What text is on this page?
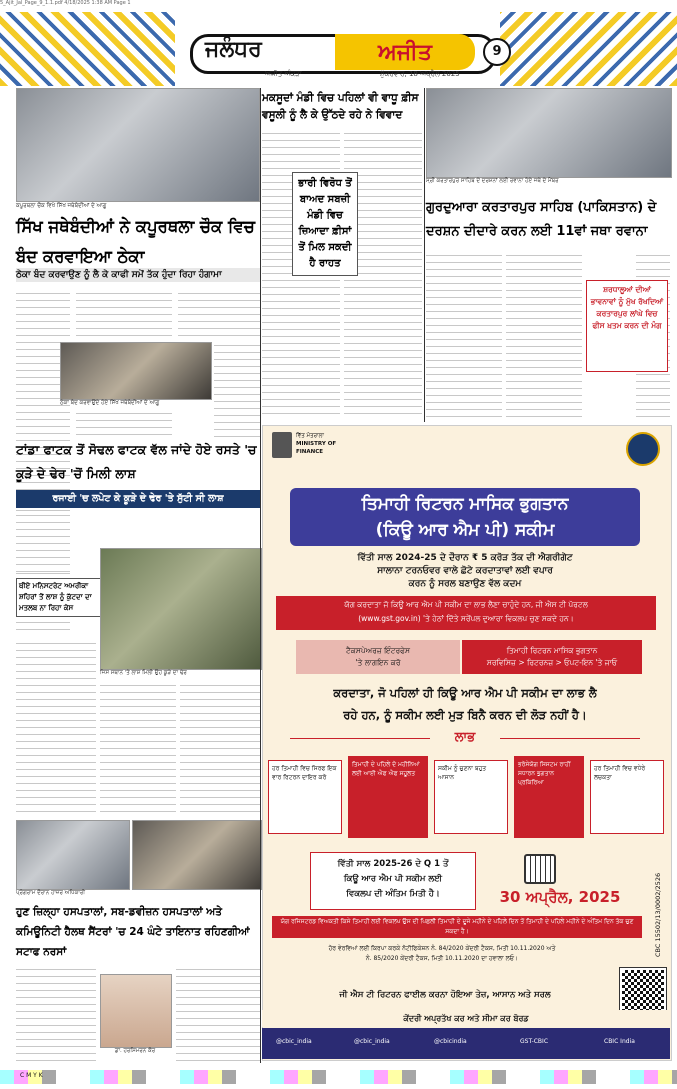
5_Ajit_Jal_Page_9_1.1.pdf 4/18/2025 1:38 AM Page 1
ਜਲੰਧਰ	ਅਜੀਤ	9
ਅਜੀਤ ਅੰਕੜਾ	ਸ਼ੁੱਕਰਵਾਰ, 18 ਅਪ੍ਰੈਲ 2025
ਕਪੂਰਥਲਾ ਚੌਕ ਵਿਖੇ ਸਿੱਖ ਜਥੇਬੰਦੀਆਂ ਦੇ ਆਗੂ
ਸਿੱਖ ਜਥੇਬੰਦੀਆਂ ਨੇ ਕਪੂਰਥਲਾ ਚੌਕ ਵਿਚ ਬੰਦ ਕਰਵਾਇਆ ਠੇਕਾ
ਠੇਕਾ ਬੰਦ ਕਰਵਾਉਣ ਨੂੰ ਲੈ ਕੇ ਕਾਫੀ ਸਮੇਂ ਤੱਕ ਹੁੰਦਾ ਰਿਹਾ ਹੰਗਾਮਾ
ਠੇਕਾ ਬੰਦ ਕਰਵਾਉਂਦੇ ਹੋਏ ਸਿੱਖ ਜਥੇਬੰਦੀਆਂ ਦੇ ਆਗੂ
ਮਕਸੂਦਾਂ ਮੰਡੀ ਵਿਚ ਪਹਿਲਾਂ ਵੀ ਵਾਧੂ ਫ਼ੀਸ ਵਸੂਲੀ ਨੂੰ ਲੈ ਕੇ ਉੱਠਦੇ ਰਹੇ ਨੇ ਵਿਵਾਦ
ਭਾਰੀ ਵਿਰੋਧ ਤੋਂ ਬਾਅਦ ਸਬਜ਼ੀ ਮੰਡੀ ਵਿਚ ਜ਼ਿਆਦਾ ਫ਼ੀਸਾਂ ਤੋਂ ਮਿਲ ਸਕਦੀ ਹੈ ਰਾਹਤ
ਸ੍ਰੀ ਕਰਤਾਰਪੁਰ ਸਾਹਿਬ ਦੇ ਦਰਸ਼ਨਾਂ ਲਈ ਰਵਾਨਾ ਹੋਏ ਜਥੇ ਦੇ ਮੈਂਬਰ
ਗੁਰਦੁਆਰਾ ਕਰਤਾਰਪੁਰ ਸਾਹਿਬ (ਪਾਕਿਸਤਾਨ) ਦੇ ਦਰਸ਼ਨ ਦੀਦਾਰੇ ਕਰਨ ਲਈ 11ਵਾਂ ਜਥਾ ਰਵਾਨਾ
ਸ਼ਰਧਾਲੂਆਂ ਦੀਆਂ ਭਾਵਨਾਵਾਂ ਨੂੰ ਮੁੱਖ ਰੱਖਦਿਆਂ ਕਰਤਾਰਪੁਰ ਲਾਂਘੇ ਵਿਚ ਫੀਸ ਖ਼ਤਮ ਕਰਨ ਦੀ ਮੰਗ
ਟਾਂਡਾ ਫਾਟਕ ਤੋਂ ਸੋਢਲ ਫਾਟਕ ਵੱਲ ਜਾਂਦੇ ਹੋਏ ਰਸਤੇ 'ਚ ਕੂੜੇ ਦੇ ਢੇਰ 'ਚੋਂ ਮਿਲੀ ਲਾਸ਼
ਰਜਾਈ 'ਚ ਲਪੇਟ ਕੇ ਕੂੜੇ ਦੇ ਢੇਰ 'ਤੇ ਸੁੱਟੀ ਸੀ ਲਾਸ਼
ਥੀਏ ਮਨਿਸਟਰੇਟ ਅਮਰੀਕਾ ਸ਼ਹਿਰਾਂ ਤੋਂ ਲਾਸ਼ ਨੂੰ ਕੁੱਟਦਾ ਦਾ ਮਤਲਬ ਨਾ ਰਿਹਾ ਕੇਸ
ਜਿਸ ਸਥਾਨ 'ਤੇ ਲਾਸ਼ ਮਿਲੀ ਉਹ ਕੂੜੇ ਦਾ ਢੇਰ
ਪ੍ਰੋਗਰਾਮ ਦੌਰਾਨ ਹਾਜ਼ਰ ਅਧਿਕਾਰੀ
ਹੁਣ ਜ਼ਿਲ੍ਹਾ ਹਸਪਤਾਲਾਂ, ਸਬ-ਡਵੀਜ਼ਨ ਹਸਪਤਾਲਾਂ ਅਤੇ ਕਮਿਊਨਿਟੀ ਹੈਲਥ ਸੈਂਟਰਾਂ 'ਚ 24 ਘੰਟੇ ਤਾਇਨਾਤ ਰਹਿਣਗੀਆਂ ਸਟਾਫ ਨਰਸਾਂ
ਡਾ. ਹਰਸਿਮਰਨ ਕੌਰ
ਵਿੱਤ ਮੰਤਰਾਲਾ
MINISTRY OF
FINANCE
ਤਿਮਾਹੀ ਰਿਟਰਨ ਮਾਸਿਕ ਭੁਗਤਾਨ
(ਕਿਊ ਆਰ ਐਮ ਪੀ) ਸਕੀਮ
ਵਿੱਤੀ ਸਾਲ 2024-25 ਦੇ ਦੌਰਾਨ ₹ 5 ਕਰੋੜ ਤੱਕ ਦੀ ਐਗਰੀਗੇਟ
ਸਾਲਾਨਾ ਟਰਨਓਵਰ ਵਾਲੇ ਛੋਟੇ ਕਰਦਾਤਾਵਾਂ ਲਈ ਵਪਾਰ
ਕਰਨ ਨੂੰ ਸਰਲ ਬਣਾਉਣ ਵੱਲ ਕਦਮ
ਯੋਗ ਕਰਦਾਤਾ ਜੋ ਕਿਊ ਆਰ ਐਮ ਪੀ ਸਕੀਮ ਦਾ ਲਾਭ ਲੈਣਾ ਚਾਹੁੰਦੇ ਹਨ, ਜੀ ਐਸ ਟੀ ਪੋਰਟਲ
(www.gst.gov.in) 'ਤੇ ਹੇਠਾਂ ਦਿੱਤੇ ਸਰੇਂਪਲ ਦੁਆਰਾ ਵਿਕਲਪ ਚੁਣ ਸਕਦੇ ਹਨ।
ਟੈਕਸਪੇਅਰਜ਼ ਇੰਟਰਫੇਸ
'ਤੇ ਲਾਗਇਨ ਕਰੋ
ਤਿਮਾਹੀ ਰਿਟਰਨ ਮਾਸਿਕ ਭੁਗਤਾਨ
ਸਰਵਿਸਿਜ਼ > ਰਿਟਰਨਜ਼ > ਓਪਟ-ਇਨ 'ਤੇ ਜਾਓ
ਕਰਦਾਤਾ, ਜੋ ਪਹਿਲਾਂ ਹੀ ਕਿਊ ਆਰ ਐਮ ਪੀ ਸਕੀਮ ਦਾ ਲਾਭ ਲੈ
ਰਹੇ ਹਨ, ਨੂੰ ਸਕੀਮ ਲਈ ਮੁੜ ਬਿਨੈ ਕਰਨ ਦੀ ਲੋੜ ਨਹੀਂ ਹੈ।
ਲਾਭ
ਹਰ ਤਿਮਾਹੀ ਵਿਚ ਸਿਰਫ ਇਕ ਵਾਰ ਰਿਟਰਨ ਦਾਇਰ ਕਰੋ
ਤਿਮਾਹੀ ਦੇ ਪਹਿਲੇ ਦੋ ਮਹੀਨਿਆਂ ਲਈ ਆਈ ਐਫ ਐਫ ਸਹੂਲਤ
ਸਕੀਮ ਨੂੰ ਚੁਣਨਾ ਬਹੁਤ ਆਸਾਨ
ਭਰੋਸੇਯੋਗ ਸਿਸਟਮ ਰਾਹੀਂ ਸਧਾਰਨ ਭੁਗਤਾਨ ਪ੍ਰਕਿਰਿਆ
ਹਰ ਤਿਮਾਹੀ ਵਿਚ ਵਧੇਰੇ ਲਚਕਤਾ
ਵਿੱਤੀ ਸਾਲ 2025-26 ਦੇ Q 1 ਤੋਂ
ਕਿਊ ਆਰ ਐਮ ਪੀ ਸਕੀਮ ਲਈ
ਵਿਕਲਪ ਦੀ ਅੰਤਿਮ ਮਿਤੀ ਹੈ।	30 ਅਪ੍ਰੈਲ, 2025
ਯੋਗ ਰਜਿਸਟਰਡ ਵਿਅਕਤੀ ਕਿਸੇ ਤਿਮਾਹੀ ਲਈ ਵਿਕਲਪ ਉਸ ਦੀ ਪਿਛਲੀ ਤਿਮਾਹੀ ਦੇ ਦੂਜੇ ਮਹੀਨੇ ਦੇ ਪਹਿਲੇ ਦਿਨ ਤੋਂ ਤਿਮਾਹੀ ਦੇ ਪਹਿਲੇ ਮਹੀਨੇ ਦੇ ਅੰਤਿਮ ਦਿਨ ਤੱਕ ਚੁਣ ਸਕਦਾ ਹੈ।
ਹੋਰ ਵੇਰਵਿਆਂ ਲਈ ਕਿਰਪਾ ਕਰਕੇ ਨੋਟੀਫਿਕੇਸ਼ਨ ਨੰ. 84/2020 ਕੇਂਦਰੀ ਟੈਕਸ, ਮਿਤੀ 10.11.2020 ਅਤੇ
ਨੰ. 85/2020 ਕੇਂਦਰੀ ਟੈਕਸ, ਮਿਤੀ 10.11.2020 ਦਾ ਹਵਾਲਾ ਲਓ।
ਜੀ ਐਸ ਟੀ ਰਿਟਰਨ ਫਾਈਲ ਕਰਨਾ ਹੋਇਆ ਤੇਜ਼, ਆਸਾਨ ਅਤੇ ਸਰਲ
CBC 15502/13/0002/2526
ਕੇਂਦਰੀ ਅਪ੍ਰਤੱਖ ਕਰ ਅਤੇ ਸੀਮਾ ਕਰ ਬੋਰਡ
@cbic_india	@cbic_india	@cbicindia	GST-CBIC	CBIC India
C M Y K
